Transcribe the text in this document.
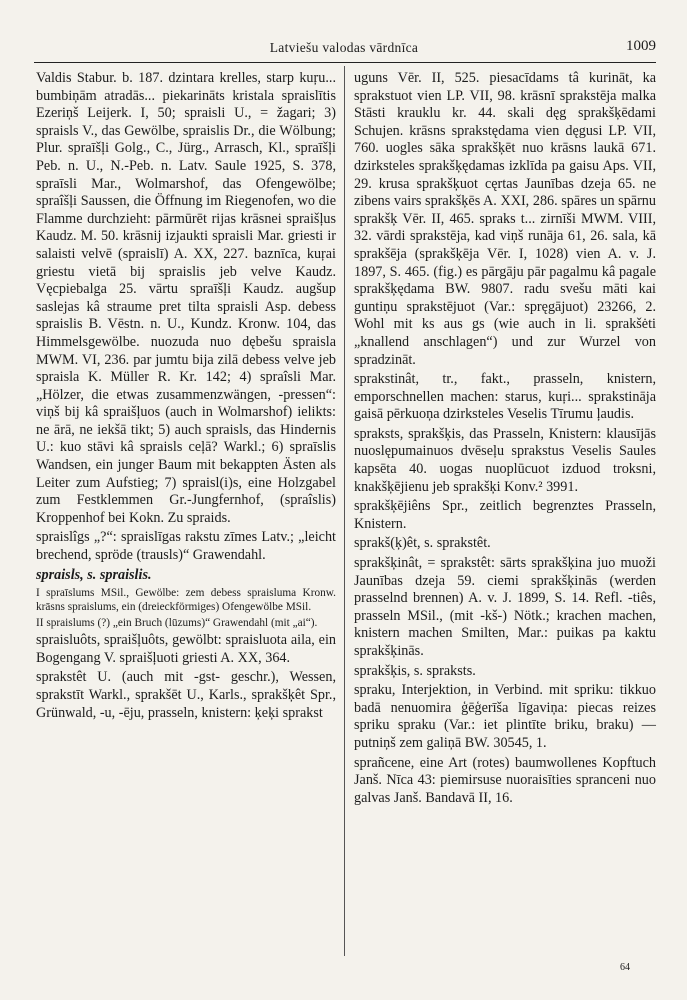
Latviešu valodas vārdnīca	1009

Valdis Stabur. b. 187. dzintara krelles, starp kuŗu... bumbiņām atradās... piekarināts kristala spraislītis Ezeriņš Leijerk. I, 50; spraisli U., = žagari; 3) spraisls V., das Gewölbe, spraislis Dr., die Wölbung; Plur. spraīšļi Golg., C., Jürg., Arrasch, Kl., spraīšļi Peb. n. U., N.-Peb. n. Latv. Saule 1925, S. 378, spraīsli Mar., Wolmarshof, das Ofengewölbe; spraîšļi Saussen, die Öffnung im Riegenofen, wo die Flamme durchzieht: pārmūrēt rijas krāsnei spraišļus Kaudz. M. 50. krāsnij izjaukti spraisli Mar. griesti ir salaisti velvē (spraislī) A. XX, 227. baznīca, kuŗai griestu vietā bij spraislis jeb velve Kaudz. Vęcpiebalga 25. vārtu spraīšļi Kaudz. augšup saslejas kâ straume pret tilta spraisli Asp. debess spraislis B. Vēstn. n. U., Kundz. Kronw. 104, das Himmelsgewölbe. nuozuda nuo dębešu spraisla MWM. VI, 236. par jumtu bija zilā debess velve jeb spraisla K. Müller R. Kr. 142; 4) spraîsli Mar. „Hölzer, die etwas zusammenzwängen, -pressen“: viņš bij kâ spraišļuos (auch in Wolmarshof) ielikts: ne ārā, ne iekšā tikt; 5) auch spraisls, das Hindernis U.: kuo stāvi kâ spraisls ceļā? Warkl.; 6) spraīslis Wandsen, ein junger Baum mit bekappten Ästen als Leiter zum Aufstieg; 7) spraisl(i)s, eine Holzgabel zum Festklemmen Gr.-Jungfernhof, (spraîslis) Kroppenhof bei Kokn. Zu spraids.

spraislîgs „?“: spraislīgas rakstu zīmes Latv.; „leicht brechend, spröde (trausls)“ Grawendahl.

spraisls, s. spraislis.

I spraīslums MSil., Gewölbe: zem debess spraisluma Kronw. krāsns spraislums, ein (dreieckförmiges) Ofengewölbe MSil.

II spraislums (?) „ein Bruch (lūzums)“ Grawendahl (mit „ai“).

spraisluôts, spraišļuôts, gewölbt: spraisluota aila, ein Bogengang V. spraišļuoti griesti A. XX, 364.

sprakstêt U. (auch mit -gst- geschr.), Wessen, sprakstīt Warkl., sprakšēt U., Karls., sprakšķêt Spr., Grünwald, -u, -ēju, prasseln, knistern: ķeķi sprakst

uguns Vēr. II, 525. piesacīdams tâ kurināt, ka sprakstuot vien LP. VII, 98. krāsnī sprakstēja malka Stāsti krauklu kr. 44. skali dęg sprakšķēdami Schujen. krāsns sprakstędama vien dęgusi LP. VII, 760. uogles sāka sprakšķēt nuo krāsns laukā 671. dzirksteles sprakšķędamas izklīda pa gaisu Aps. VII, 29. krusa sprakšķuot cęrtas Jaunības dzeja 65. ne zibens vairs sprakšķēs A. XXI, 286. spāres un spārnu sprakšķ Vēr. II, 465. spraks t... zirnīši MWM. VIII, 32. vārdi sprakstēja, kad viņš runāja 61, 26. sala, kā sprakšēja (sprakšķēja Vēr. I, 1028) vien A. v. J. 1897, S. 465. (fig.) es pārgāju pār pagalmu kâ pagale sprakšķędama BW. 9807. radu svešu māti kai guntiņu sprakstējuot (Var.: spręgājuot) 23266, 2. Wohl mit ks aus gs (wie auch in li. sprakšėti „knallend anschlagen“) und zur Wurzel von spradzināt.

sprakstinât, tr., fakt., prasseln, knistern, emporschnellen machen: starus, kuŗi... sprakstināja gaisā pērkuoņa dzirksteles Veselis Tīrumu ļaudis.

spraksts, sprakšķis, das Prasseln, Knistern: klausījās nuoslępumainuos dvēseļu sprakstus Veselis Saules kapsēta 40. uogas nuoplūcuot izduod troksni, knakšķējienu jeb sprakšķi Konv.² 3991.

sprakšķējiêns Spr., zeitlich begrenztes Prasseln, Knistern.

sprakš(ķ)êt, s. sprakstêt.

sprakšķinât, = sprakstêt: sārts sprakšķina juo muoži Jaunības dzeja 59. ciemi sprakšķinās (werden prasselnd brennen) A. v. J. 1899, S. 14. Refl. -tiês, prasseln MSil., (mit -kš-) Nötk.; krachen machen, knistern machen Smilten, Mar.: puikas pa kaktu sprakšķinās.

sprakšķis, s. spraksts.

spraku, Interjektion, in Verbind. mit spriku: tikkuo badā nenuomira ģēģerīša līgaviņa: piecas reizes spriku spraku (Var.: iet plintīte briku, braku) — putniņš zem galiņā BW. 30545, 1.

sprañcene, eine Art (rotes) baumwollenes Kopftuch Janš. Nīca 43: piemirsuse nuoraisīties spranceni nuo galvas Janš. Bandavā II, 16.

64
